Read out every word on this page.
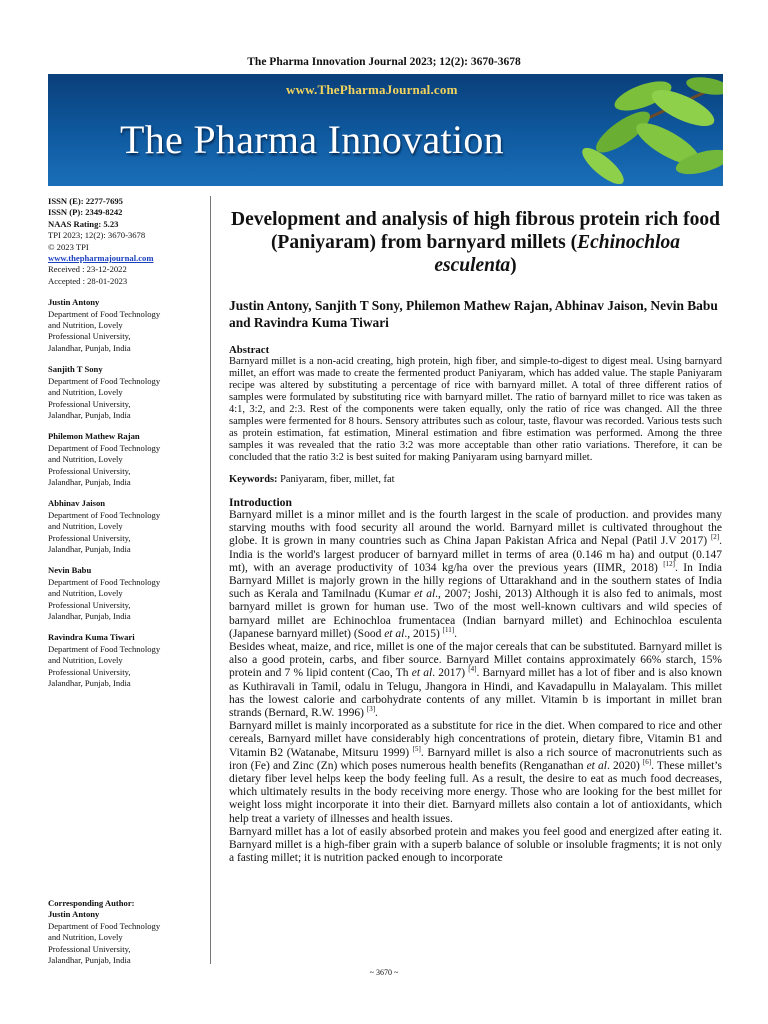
The Pharma Innovation Journal 2023; 12(2): 3670-3678
www.ThePharmaJournal.com
The Pharma Innovation
ISSN (E): 2277-7695
ISSN (P): 2349-8242
NAAS Rating: 5.23
TPI 2023; 12(2): 3670-3678
© 2023 TPI
www.thepharmajournal.com
Received : 23-12-2022
Accepted : 28-01-2023
Justin Antony
Department of Food Technology
and Nutrition, Lovely
Professional University,
Jalandhar, Punjab, India
Sanjith T Sony
Department of Food Technology
and Nutrition, Lovely
Professional University,
Jalandhar, Punjab, India
Philemon Mathew Rajan
Department of Food Technology
and Nutrition, Lovely
Professional University,
Jalandhar, Punjab, India
Abhinav Jaison
Department of Food Technology
and Nutrition, Lovely
Professional University,
Jalandhar, Punjab, India
Nevin Babu
Department of Food Technology
and Nutrition, Lovely
Professional University,
Jalandhar, Punjab, India
Ravindra Kuma Tiwari
Department of Food Technology
and Nutrition, Lovely
Professional University,
Jalandhar, Punjab, India
Corresponding Author:
Justin Antony
Department of Food Technology
and Nutrition, Lovely
Professional University,
Jalandhar, Punjab, India
Development and analysis of high fibrous protein rich food (Paniyaram) from barnyard millets (Echinochloa esculenta)
Justin Antony, Sanjith T Sony, Philemon Mathew Rajan, Abhinav Jaison, Nevin Babu and Ravindra Kuma Tiwari
Abstract
Barnyard millet is a non-acid creating, high protein, high fiber, and simple-to-digest to digest meal. Using barnyard millet, an effort was made to create the fermented product Paniyaram, which has added value. The staple Paniyaram recipe was altered by substituting a percentage of rice with barnyard millet. A total of three different ratios of samples were formulated by substituting rice with barnyard millet. The ratio of barnyard millet to rice was taken as 4:1, 3:2, and 2:3. Rest of the components were taken equally, only the ratio of rice was changed. All the three samples were fermented for 8 hours. Sensory attributes such as colour, taste, flavour was recorded. Various tests such as protein estimation, fat estimation, Mineral estimation and fibre estimation was performed. Among the three samples it was revealed that the ratio 3:2 was more acceptable than other ratio variations. Therefore, it can be concluded that the ratio 3:2 is best suited for making Paniyaram using barnyard millet.
Keywords: Paniyaram, fiber, millet, fat
Introduction

Barnyard millet is a minor millet and is the fourth largest in the scale of production. and provides many starving mouths with food security all around the world. Barnyard millet is cultivated throughout the globe. It is grown in many countries such as China Japan Pakistan Africa and Nepal (Patil J.V 2017) [2]. India is the world's largest producer of barnyard millet in terms of area (0.146 m ha) and output (0.147 mt), with an average productivity of 1034 kg/ha over the previous years (IIMR, 2018) [12]. In India Barnyard Millet is majorly grown in the hilly regions of Uttarakhand and in the southern states of India such as Kerala and Tamilnadu (Kumar et al., 2007; Joshi, 2013) Although it is also fed to animals, most barnyard millet is grown for human use. Two of the most well-known cultivars and wild species of barnyard millet are Echinochloa frumentacea (Indian barnyard millet) and Echinochloa esculenta (Japanese barnyard millet) (Sood et al., 2015) [11].

Besides wheat, maize, and rice, millet is one of the major cereals that can be substituted. Barnyard millet is also a good protein, carbs, and fiber source. Barnyard Millet contains approximately 66% starch, 15% protein and 7 % lipid content (Cao, Th et al. 2017) [4]. Barnyard millet has a lot of fiber and is also known as Kuthiravali in Tamil, odalu in Telugu, Jhangora in Hindi, and Kavadapullu in Malayalam. This millet has the lowest calorie and carbohydrate contents of any millet. Vitamin b is important in millet bran strands (Bernard, R.W. 1996) [3].

Barnyard millet is mainly incorporated as a substitute for rice in the diet. When compared to rice and other cereals, Barnyard millet have considerably high concentrations of protein, dietary fibre, Vitamin B1 and Vitamin B2 (Watanabe, Mitsuru 1999) [5]. Barnyard millet is also a rich source of macronutrients such as iron (Fe) and Zinc (Zn) which poses numerous health benefits (Renganathan et al. 2020) [6]. These millet’s dietary fiber level helps keep the body feeling full. As a result, the desire to eat as much food decreases, which ultimately results in the body receiving more energy. Those who are looking for the best millet for weight loss might incorporate it into their diet. Barnyard millets also contain a lot of antioxidants, which help treat a variety of illnesses and health issues.

Barnyard millet has a lot of easily absorbed protein and makes you feel good and energized after eating it. Barnyard millet is a high-fiber grain with a superb balance of soluble or insoluble fragments; it is not only a fasting millet; it is nutrition packed enough to incorporate

~ 3670 ~
